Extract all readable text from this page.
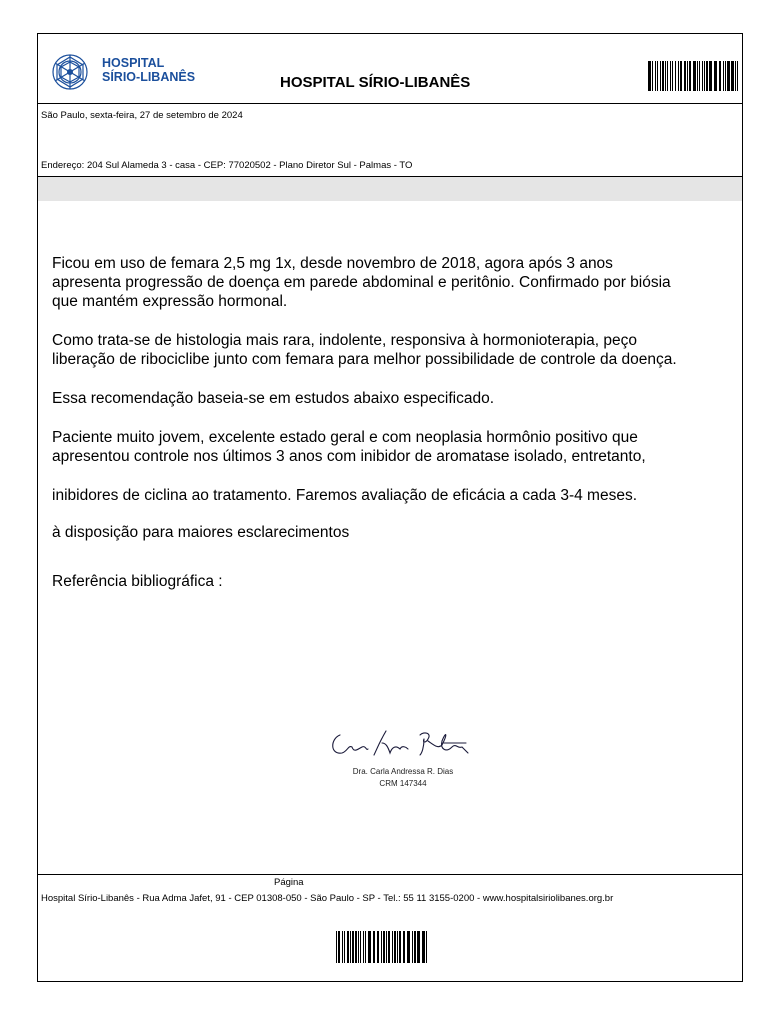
HOSPITAL
SÍRIO-LIBANÊS	HOSPITAL SÍRIO-LIBANÊS
São Paulo, sexta-feira, 27 de setembro de 2024
Endereço: 204 Sul Alameda 3 - casa - CEP: 77020502 - Plano Diretor Sul - Palmas - TO

Ficou em uso de femara 2,5 mg 1x, desde novembro de 2018, agora após 3 anos
apresenta progressão de doença em parede abdominal e peritônio. Confirmado por biósia
que mantém expressão hormonal.

Como trata-se de histologia mais rara, indolente, responsiva à hormonioterapia, peço
liberação de ribociclibe junto com femara para melhor possibilidade de controle da doença.

Essa recomendação baseia-se em estudos abaixo especificado.

Paciente muito jovem, excelente estado geral e com neoplasia hormônio positivo que
apresentou controle nos últimos 3 anos com inibidor de aromatase isolado, entretanto,

inibidores de ciclina ao tratamento. Faremos avaliação de eficácia a cada 3-4 meses.

à disposição para maiores esclarecimentos

Referência bibliográfica :

Dra. Carla Andressa R. Dias
CRM 147344
Página
Hospital Sírio-Libanês - Rua Adma Jafet, 91 - CEP 01308-050 - São Paulo - SP - Tel.: 55 11 3155-0200 - www.hospitalsiriolibanes.org.br
